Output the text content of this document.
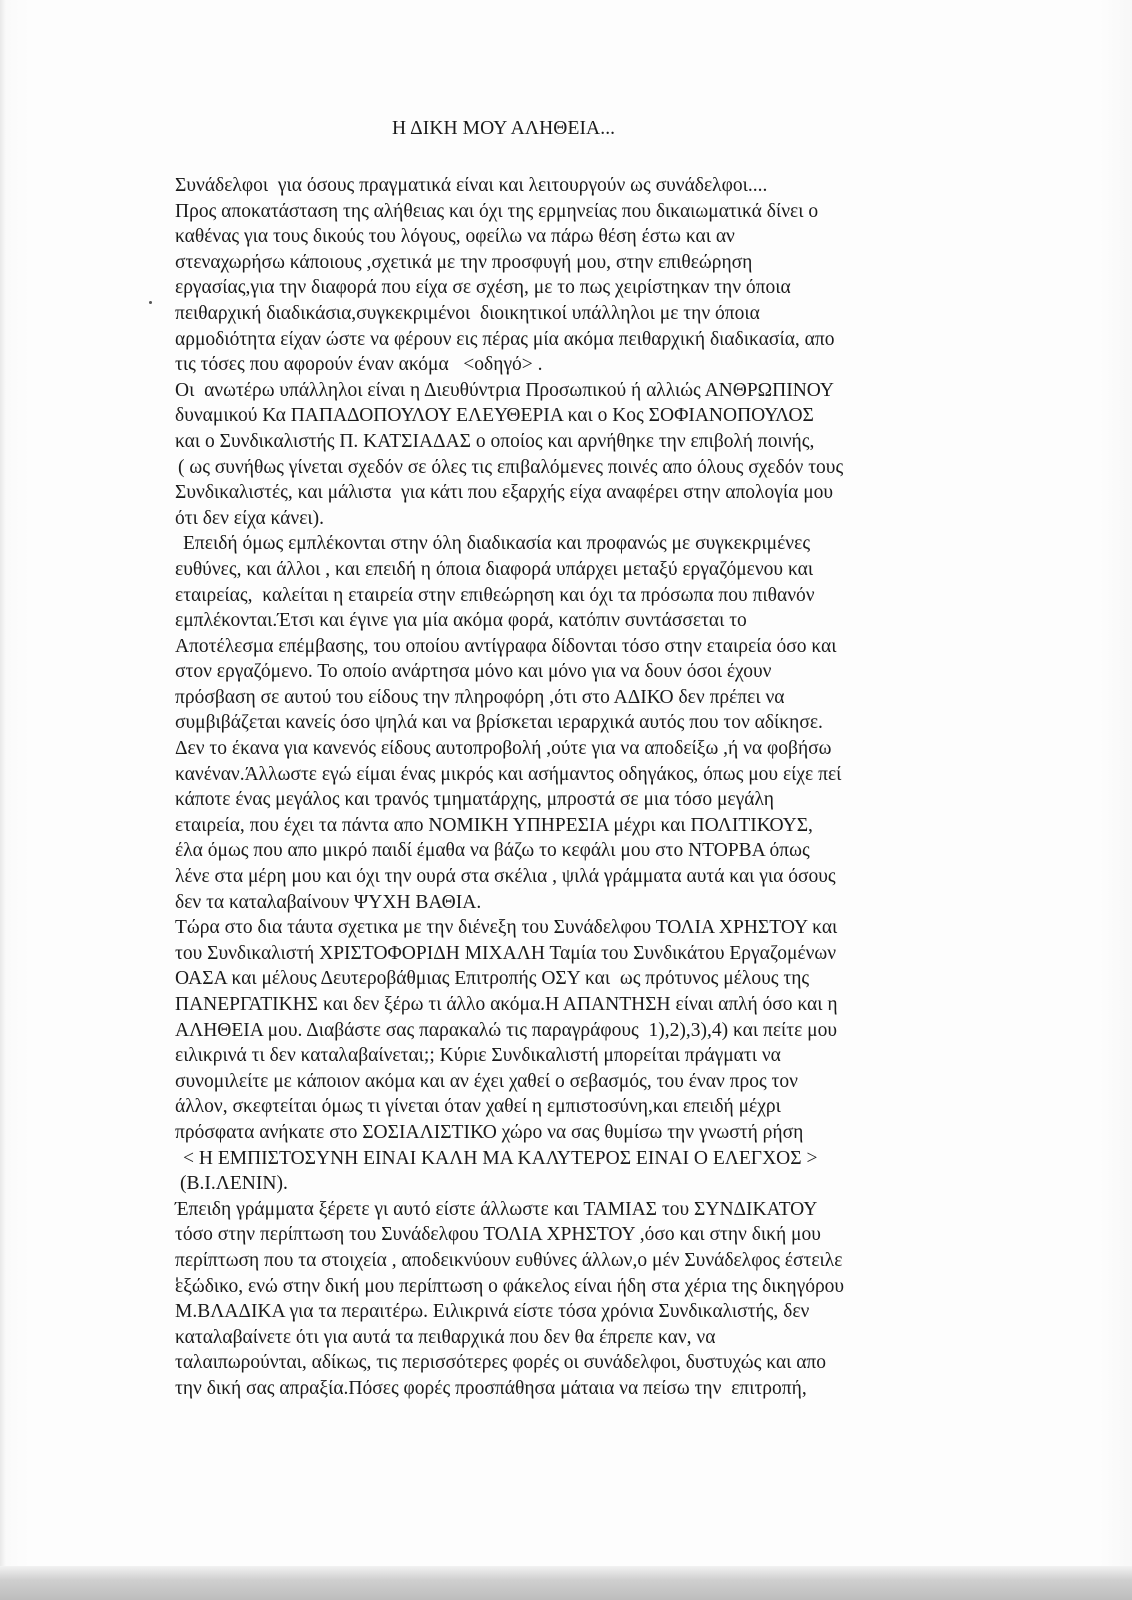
Η ΔΙΚΗ ΜΟΥ ΑΛΗΘΕΙΑ...
Συνάδελφοι  για όσους πραγματικά είναι και λειτουργούν ως συνάδελφοι....
Προς αποκατάσταση της αλήθειας και όχι της ερμηνείας που δικαιωματικά δίνει ο
καθένας για τους δικούς του λόγους, οφείλω να πάρω θέση έστω και αν
στεναχωρήσω κάποιους ,σχετικά με την προσφυγή μου, στην επιθεώρηση
εργασίας,για την διαφορά που είχα σε σχέση, με το πως χειρίστηκαν την όποια
πειθαρχική διαδικάσια,συγκεκριμένοι  διοικητικοί υπάλληλοι με την όποια
αρμοδιότητα είχαν ώστε να φέρουν εις πέρας μία ακόμα πειθαρχική διαδικασία, απο
τις τόσες που αφορούν έναν ακόμα   <οδηγό> .
Οι  ανωτέρω υπάλληλοι είναι η Διευθύντρια Προσωπικού ή αλλιώς ΑΝΘΡΩΠΙΝΟΥ
δυναμικού Κα ΠΑΠΑΔΟΠΟΥΛΟΥ ΕΛΕΥΘΕΡΙΑ και ο Κος ΣΟΦΙΑΝΟΠΟΥΛΟΣ
και ο Συνδικαλιστής Π. ΚΑΤΣΙΑΔΑΣ ο οποίος και αρνήθηκε την επιβολή ποινής,
( ως συνήθως γίνεται σχεδόν σε όλες τις επιβαλόμενες ποινές απο όλους σχεδόν τους
Συνδικαλιστές, και μάλιστα  για κάτι που εξαρχής είχα αναφέρει στην απολογία μου
ότι δεν είχα κάνει).
Επειδή όμως εμπλέκονται στην όλη διαδικασία και προφανώς με συγκεκριμένες
ευθύνες, και άλλοι , και επειδή η όποια διαφορά υπάρχει μεταξύ εργαζόμενου και
εταιρείας,  καλείται η εταιρεία στην επιθεώρηση και όχι τα πρόσωπα που πιθανόν
εμπλέκονται.Έτσι και έγινε για μία ακόμα φορά, κατόπιν συντάσσεται το
Αποτέλεσμα επέμβασης, του οποίου αντίγραφα δίδονται τόσο στην εταιρεία όσο και
στον εργαζόμενο. Το οποίο ανάρτησα μόνο και μόνο για να δουν όσοι έχουν
πρόσβαση σε αυτού του είδους την πληροφόρη ,ότι στο ΑΔΙΚΟ δεν πρέπει να
συμβιβάζεται κανείς όσο ψηλά και να βρίσκεται ιεραρχικά αυτός που τον αδίκησε.
Δεν το έκανα για κανενός είδους αυτοπροβολή ,ούτε για να αποδείξω ,ή να φοβήσω
κανέναν.Άλλωστε εγώ είμαι ένας μικρός και ασήμαντος οδηγάκος, όπως μου είχε πεί
κάποτε ένας μεγάλος και τρανός τμηματάρχης, μπροστά σε μια τόσο μεγάλη
εταιρεία, που έχει τα πάντα απο ΝΟΜΙΚΗ ΥΠΗΡΕΣΙΑ μέχρι και ΠΟΛΙΤΙΚΟΥΣ,
έλα όμως που απο μικρό παιδί έμαθα να βάζω το κεφάλι μου στο ΝΤΟΡΒΑ όπως
λένε στα μέρη μου και όχι την ουρά στα σκέλια , ψιλά γράμματα αυτά και για όσους
δεν τα καταλαβαίνουν ΨΥΧΗ ΒΑΘΙΑ.
Τώρα στο δια τάυτα σχετικα με την διένεξη του Συνάδελφου ΤΟΛΙΑ ΧΡΗΣΤΟΥ και
του Συνδικαλιστή ΧΡΙΣΤΟΦΟΡΙΔΗ ΜΙΧΑΛΗ Ταμία του Συνδικάτου Εργαζομένων
ΟΑΣΑ και μέλους Δευτεροβάθμιας Επιτροπής ΟΣΥ και  ως πρότυνος μέλους της
ΠΑΝΕΡΓΑΤΙΚΗΣ και δεν ξέρω τι άλλο ακόμα.Η ΑΠΑΝΤΗΣΗ είναι απλή όσο και η
ΑΛΗΘΕΙΑ μου. Διαβάστε σας παρακαλώ τις παραγράφους  1),2),3),4) και πείτε μου
ειλικρινά τι δεν καταλαβαίνεται;; Κύριε Συνδικαλιστή μπορείται πράγματι να
συνομιλείτε με κάποιον ακόμα και αν έχει χαθεί ο σεβασμός, του έναν προς τον
άλλον, σκεφτείται όμως τι γίνεται όταν χαθεί η εμπιστοσύνη,και επειδή μέχρι
πρόσφατα ανήκατε στο ΣΟΣΙΑΛΙΣΤΙΚΟ χώρο να σας θυμίσω την γνωστή ρήση
< Η ΕΜΠΙΣΤΟΣΥΝΗ ΕΙΝΑΙ ΚΑΛΗ ΜΑ ΚΑΛΥΤΕΡΟΣ ΕΙΝΑΙ Ο ΕΛΕΓΧΟΣ >
(Β.Ι.ΛΕΝΙΝ).
Έπειδη γράμματα ξέρετε γι αυτό είστε άλλωστε και ΤΑΜΙΑΣ του ΣΥΝΔΙΚΑΤΟΥ
τόσο στην περίπτωση του Συνάδελφου ΤΟΛΙΑ ΧΡΗΣΤΟΥ ,όσο και στην δική μου
περίπτωση που τα στοιχεία , αποδεικνύουν ευθύνες άλλων,ο μέν Συνάδελφος έστειλε
εξώδικο, ενώ στην δική μου περίπτωση ο φάκελος είναι ήδη στα χέρια της δικηγόρου
Μ.ΒΛΑΔΙΚΑ για τα περαιτέρω. Ειλικρινά είστε τόσα χρόνια Συνδικαλιστής, δεν
καταλαβαίνετε ότι για αυτά τα πειθαρχικά που δεν θα έπρεπε καν, να
ταλαιπωρούνται, αδίκως, τις περισσότερες φορές οι συνάδελφοι, δυστυχώς και απο
την δική σας απραξία.Πόσες φορές προσπάθησα μάταια να πείσω την  επιτροπή,
